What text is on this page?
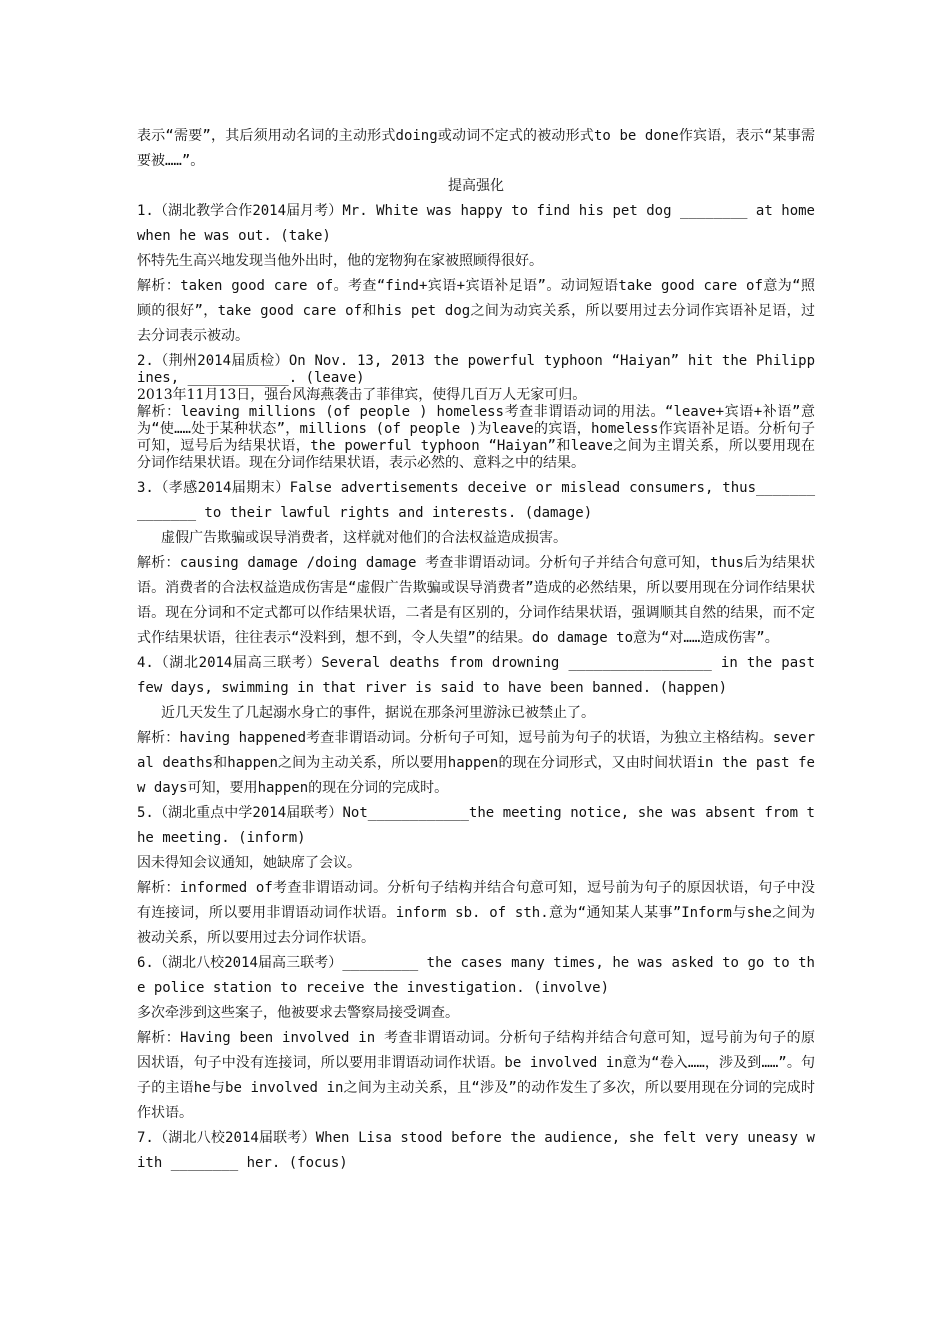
表示“需要”，其后须用动名词的主动形式doing或动词不定式的被动形式to be done作宾语，表示“某事需要被……”。

提高强化

1.（湖北教学合作2014届月考）Mr. White was happy to find his pet dog ________ at home when he was out. (take)

怀特先生高兴地发现当他外出时，他的宠物狗在家被照顾得很好。

解析：taken good care of。考查“find+宾语+宾语补足语”。动词短语take good care of意为“照顾的很好”，take good care of和his pet dog之间为动宾关系，所以要用过去分词作宾语补足语，过去分词表示被动。

2.（荆州2014届质检）On Nov. 13, 2013 the powerful typhoon “Haiyan” hit the Philippines, ____________. (leave)

2013年11月13日，强台风海燕袭击了菲律宾，使得几百万人无家可归。

解析：leaving millions (of people ) homeless考查非谓语动词的用法。“leave+宾语+补语”意为“使……处于某种状态”，millions (of people )为leave的宾语，homeless作宾语补足语。分析句子可知，逗号后为结果状语，the powerful typhoon “Haiyan”和leave之间为主谓关系，所以要用现在分词作结果状语。现在分词作结果状语，表示必然的、意料之中的结果。

3.（孝感2014届期末）False advertisements deceive or mislead consumers, thus______________ to their lawful rights and interests. (damage)

虚假广告欺骗或误导消费者，这样就对他们的合法权益造成损害。

解析：causing damage /doing damage 考查非谓语动词。分析句子并结合句意可知，thus后为结果状语。消费者的合法权益造成伤害是“虚假广告欺骗或误导消费者”造成的必然结果，所以要用现在分词作结果状语。现在分词和不定式都可以作结果状语，二者是有区别的，分词作结果状语，强调顺其自然的结果，而不定式作结果状语，往往表示“没料到，想不到，令人失望”的结果。do damage to意为“对……造成伤害”。

4.（湖北2014届高三联考）Several deaths from drowning _________________ in the past few days, swimming in that river is said to have been banned. (happen)

近几天发生了几起溺水身亡的事件，据说在那条河里游泳已被禁止了。

解析：having happened考查非谓语动词。分析句子可知，逗号前为句子的状语，为独立主格结构。several deaths和happen之间为主动关系，所以要用happen的现在分词形式，又由时间状语in the past few days可知，要用happen的现在分词的完成时。

5.（湖北重点中学2014届联考）Not____________the meeting notice, she was absent from the meeting. (inform)

因未得知会议通知，她缺席了会议。

解析：informed of考查非谓语动词。分析句子结构并结合句意可知，逗号前为句子的原因状语，句子中没有连接词，所以要用非谓语动词作状语。inform sb. of sth.意为“通知某人某事”Inform与she之间为被动关系，所以要用过去分词作状语。

6.（湖北八校2014届高三联考）_________ the cases many times, he was asked to go to the police station to receive the investigation. (involve)

多次牵涉到这些案子，他被要求去警察局接受调查。

解析：Having been involved in 考查非谓语动词。分析句子结构并结合句意可知，逗号前为句子的原因状语，句子中没有连接词，所以要用非谓语动词作状语。be involved in意为“卷入……，涉及到……”。句子的主语he与be involved in之间为主动关系，且“涉及”的动作发生了多次，所以要用现在分词的完成时作状语。

7.（湖北八校2014届联考）When Lisa stood before the audience, she felt very uneasy with ________ her. (focus)
